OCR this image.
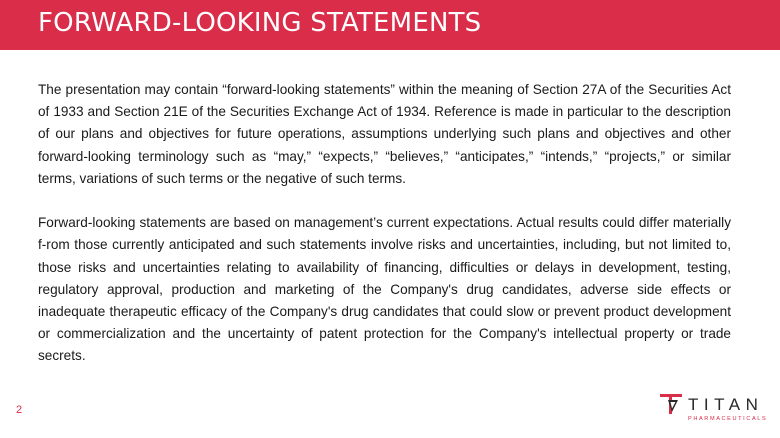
FORWARD-LOOKING STATEMENTS

The presentation may contain “forward-looking statements” within the meaning of Section 27A of the Securities Act of 1933 and Section 21E of the Securities Exchange Act of 1934. Reference is made in particular to the description of our plans and objectives for future operations, assumptions underlying such plans and objectives and other forward-looking terminology such as “may,” “expects,” “believes,” “anticipates,” “intends,” “projects,” or similar terms, variations of such terms or the negative of such terms.

Forward-looking statements are based on management’s current expectations. Actual results could differ materially f-rom those currently anticipated and such statements involve risks and uncertainties, including, but not limited to, those risks and uncertainties relating to availability of financing, difficulties or delays in development, testing, regulatory approval, production and marketing of the Company's drug candidates, adverse side effects or inadequate therapeutic efficacy of the Company's drug candidates that could slow or prevent product development or commercialization and the uncertainty of patent protection for the Company's intellectual property or trade secrets.

2	TITAN
PHARMACEUTICALS
